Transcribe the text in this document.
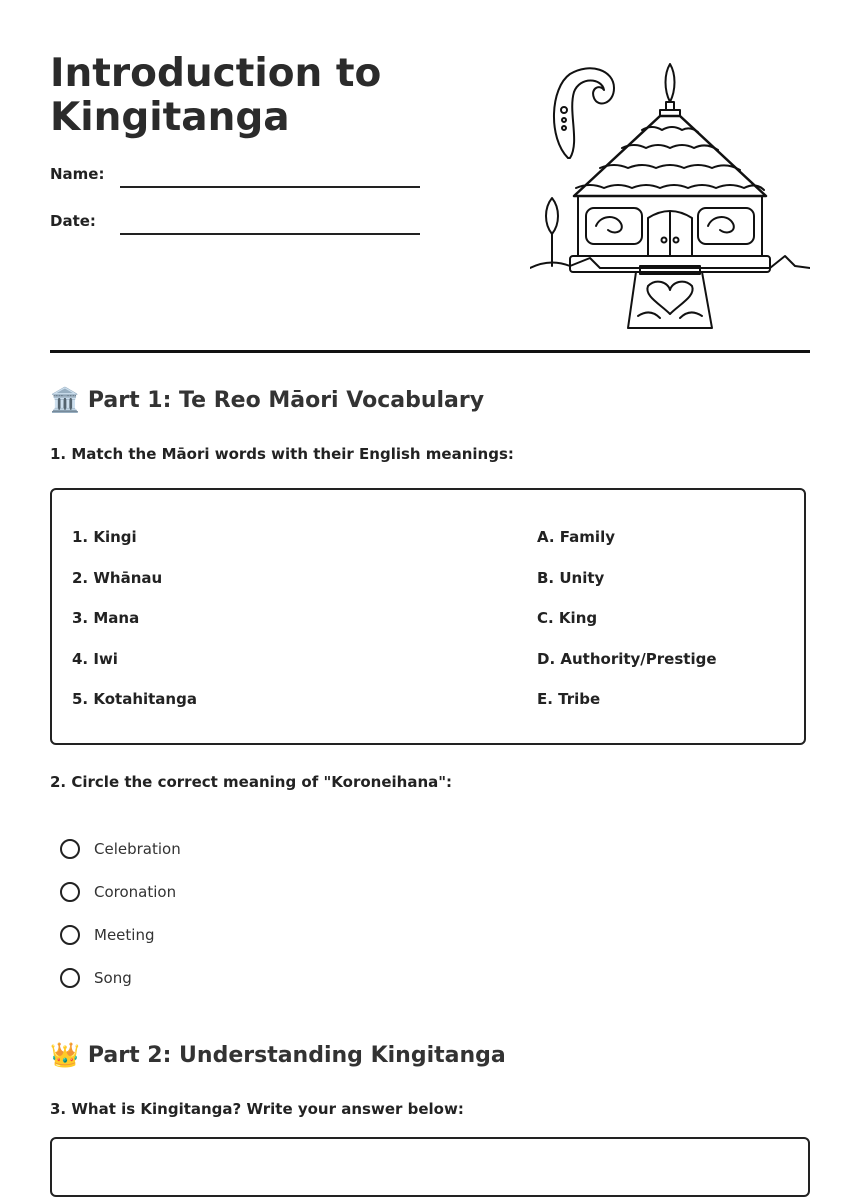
Introduction to
Kingitanga
Name:
Date:
🏛️ Part 1: Te Reo Māori Vocabulary

1. Match the Māori words with their English meanings:

1. Kingi
2. Whānau
3. Mana
4. Iwi
5. Kotahitanga
A. Family
B. Unity
C. King
D. Authority/Prestige
E. Tribe

2. Circle the correct meaning of "Koroneihana":

Celebration
Coronation
Meeting
Song
👑 Part 2: Understanding Kingitanga

3. What is Kingitanga? Write your answer below:
